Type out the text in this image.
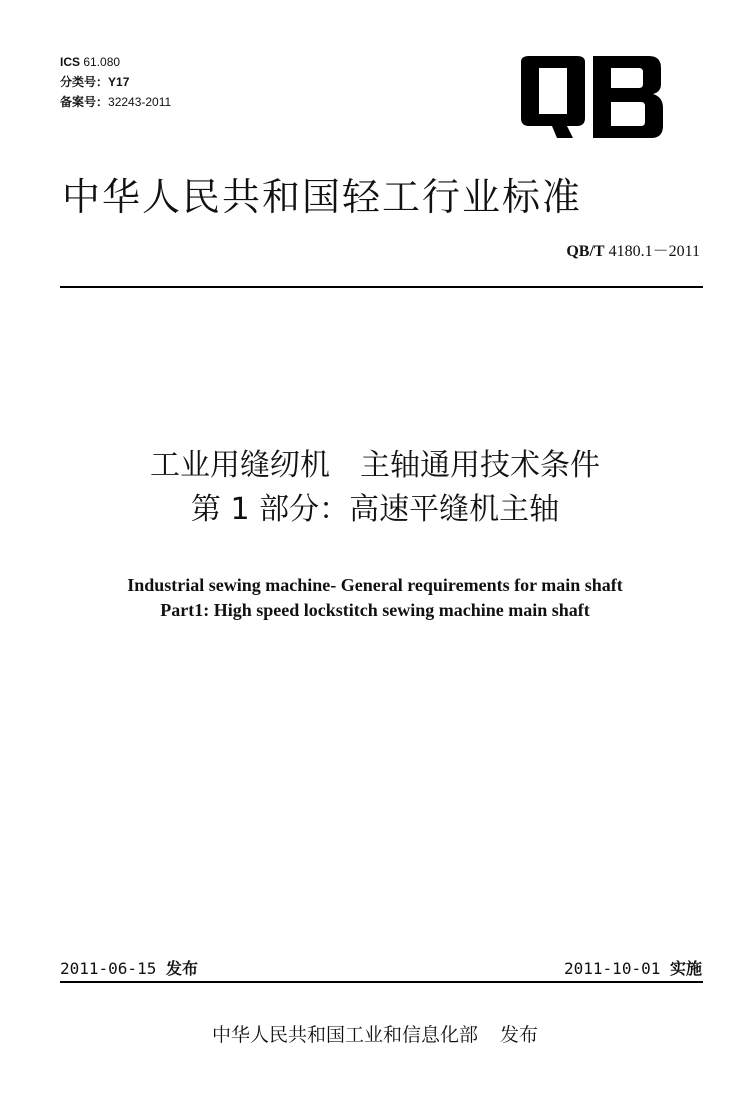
ICS 61.080
分类号：Y17
备案号：32243-2011
中华人民共和国轻工行业标准
QB/T 4180.1－2011
工业用缝纫机　主轴通用技术条件
第 1 部分：高速平缝机主轴
Industrial sewing machine- General requirements for main shaft
Part1: High speed lockstitch sewing machine main shaft
2011-06-15 发布	2011-10-01 实施
中华人民共和国工业和信息化部 发布
